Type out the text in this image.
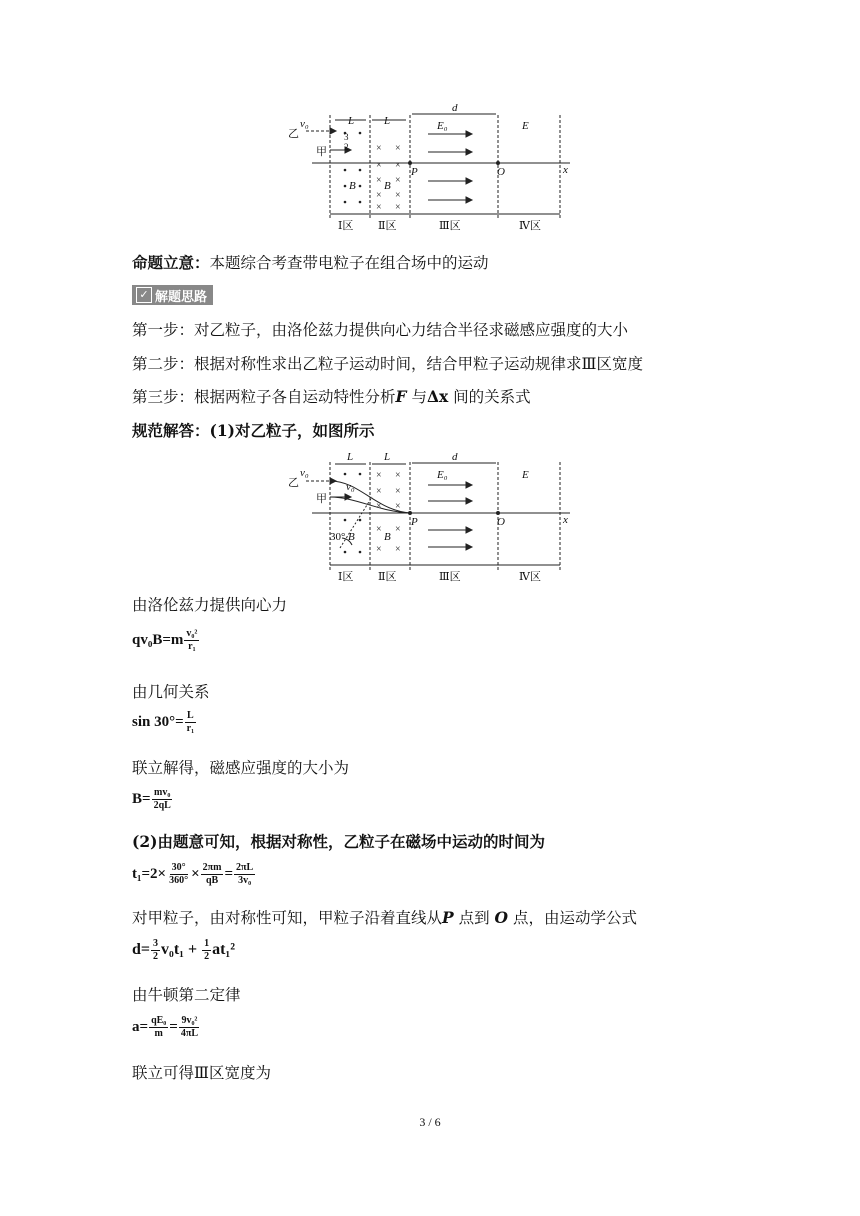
× ×
× ×
× ×
× ×
× ×
v₀
乙
甲
L	L
3
2
d
E₀	E
P	O	x
B	B
Ⅰ区 Ⅱ区	Ⅲ区	Ⅳ区
命题立意：本题综合考查带电粒子在组合场中的运动
✓ 解题思路
第一步：对乙粒子，由洛伦兹力提供向心力结合半径求磁感应强度的大小
第二步：根据对称性求出乙粒子运动时间，结合甲粒子运动规律求Ⅲ区宽度
第三步：根据两粒子各自运动特性分析F 与Δx 间的关系式
规范解答：(1)对乙粒子，如图所示
× ×
× ×
× ×
× ×
× ×
v₀
乙
甲
v₀
L	L	d
E₀	E
P	O	x
B	B
30°
Ⅰ区 Ⅱ区	Ⅲ区	Ⅳ区
由洛伦兹力提供向心力
$qv_0B=m \frac{\text{v₀²}}{\text{r₁}}$
由几何关系
$\sin 30^\circ= \frac{L}{\text{r₁}}$
联立解得，磁感应强度的大小为
$B= \frac{\text{mv₀}}{2qL}$
(2)由题意可知，根据对称性，乙粒子在磁场中运动的时间为
$t_1=2\times \frac{30^\circ}{360^\circ} \times \frac{2\pi m}{qB} = \frac{2\pi L}{\text{3v₀}}$
对甲粒子，由对称性可知，甲粒子沿着直线从P 点到 O 点，由运动学公式
$d= \frac{3}{2} v_0t_1 + \frac{1}{2} at_1^2$
由牛顿第二定律
$a= \frac{\text{qE₀}}{m} = \frac{\text{9v₀²}}{4\pi L}$
联立可得Ⅲ区宽度为
3 / 6
